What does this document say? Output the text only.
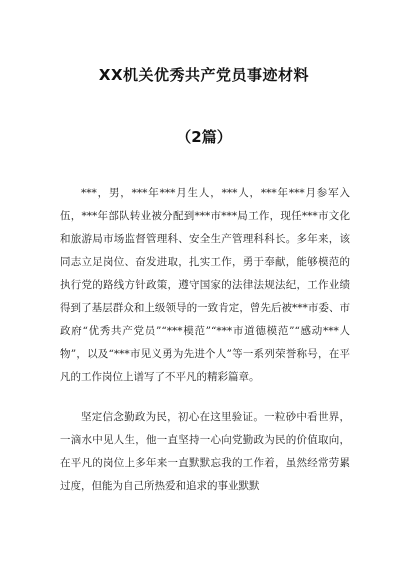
XX机关优秀共产党员事迹材料
（2篇）

***，男，***年***月生人，***人，***年***月参军入伍，***年部队转业被分配到***市***局工作，现任***市文化和旅游局市场监督管理科、安全生产管理科科长。多年来，该同志立足岗位、奋发进取，扎实工作，勇于奉献，能够模范的执行党的路线方针政策，遵守国家的法律法规法纪，工作业绩得到了基层群众和上级领导的一致肯定，曾先后被***市委、市政府“优秀共产党员”“***模范”“***市道德模范”“感动***人物”，以及“***市见义勇为先进个人”等一系列荣誉称号，在平凡的工作岗位上谱写了不平凡的精彩篇章。

坚定信念勤政为民，初心在这里验证。一粒砂中看世界，一滴水中见人生，他一直坚持一心向党勤政为民的价值取向，在平凡的岗位上多年来一直默默忘我的工作着，虽然经常劳累过度，但能为自己所热爱和追求的事业默默
